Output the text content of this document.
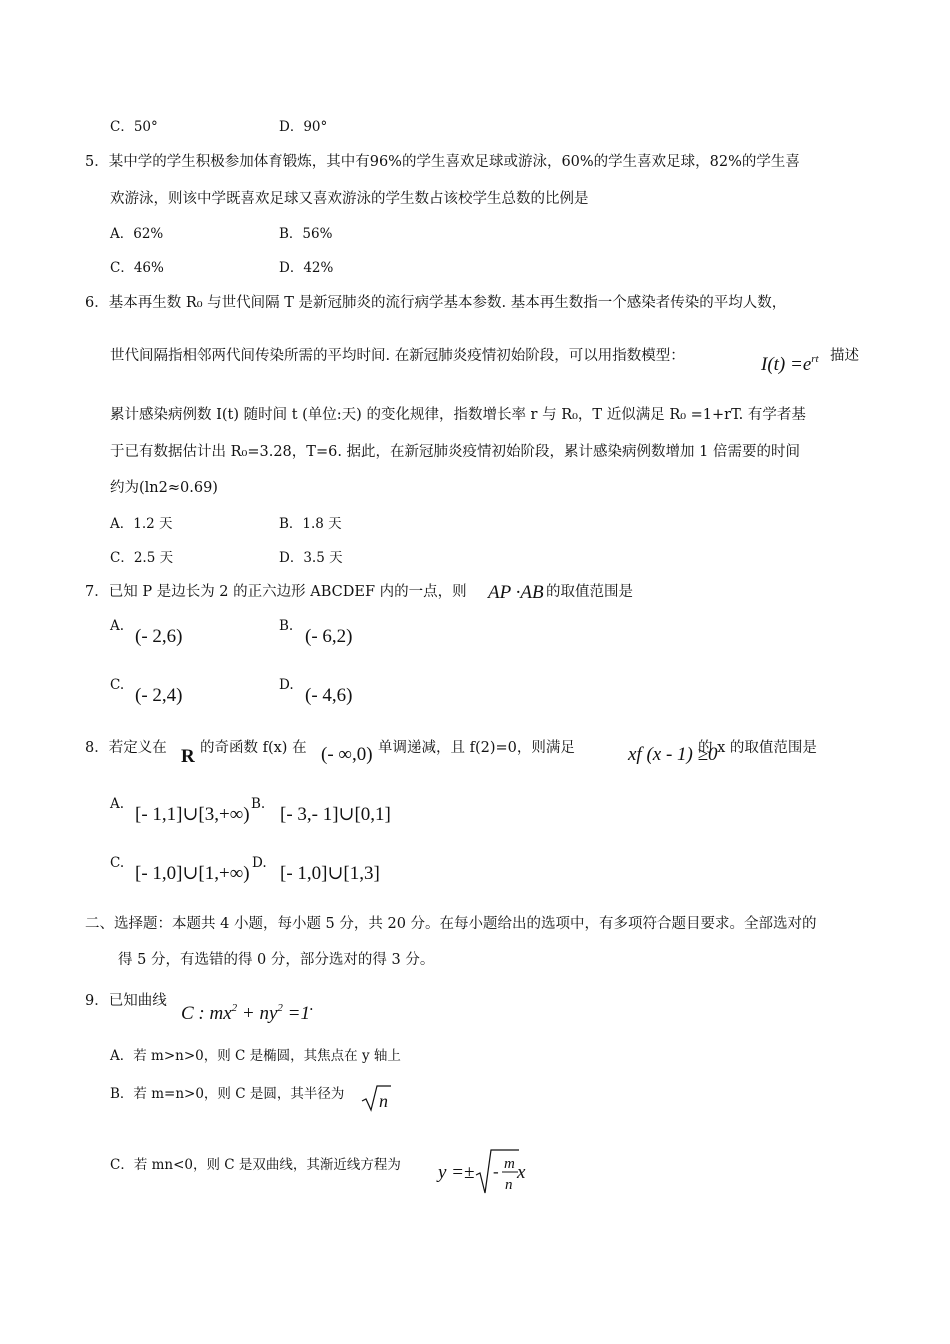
C．50°	D．90°
5．某中学的学生积极参加体育锻炼，其中有96%的学生喜欢足球或游泳，60%的学生喜欢足球，82%的学生喜
欢游泳，则该中学既喜欢足球又喜欢游泳的学生数占该校学生总数的比例是
A．62%	B．56%
C．46%	D．42%
6．基本再生数 R₀ 与世代间隔 T 是新冠肺炎的流行病学基本参数. 基本再生数指一个感染者传染的平均人数，
世代间隔指相邻两代间传染所需的平均时间. 在新冠肺炎疫情初始阶段，可以用指数模型：	$I(t) =e^{rt}$ 描述
累计感染病例数 I(t) 随时间 t (单位:天) 的变化规律，指数增长率 r 与 R₀，T 近似满足 R₀ =1+rT. 有学者基
于已有数据估计出 R₀=3.28，T=6. 据此，在新冠肺炎疫情初始阶段，累计感染病例数增加 1 倍需要的时间
约为(ln2≈0.69)
A．1.2 天	B．1.8 天
C．2.5 天	D．3.5 天
7．已知 P 是边长为 2 的正六边形 ABCDEF 内的一点，则 AP ·AB 的取值范围是
A. (- 2,6)	B. (- 6,2)
C. (- 2,4)	D. (- 4,6)
8．若定义在 R 的奇函数 f(x) 在 (- ∞,0) 单调递减，且 f(2)=0，则满足	xf (x - 1) ≥0
的 x 的取值范围是
A. [- 1,1]∪[3,+∞) B. [- 3,- 1]∪[0,1]
C. [- 1,0]∪[1,+∞) D. [- 1,0]∪[1,3]
二、选择题：本题共 4 小题，每小题 5 分，共 20 分。在每小题给出的选项中，有多项符合题目要求。全部选对的
得 5 分，有选错的得 0 分，部分选对的得 3 分。
9．已知曲线
C : $mx^2 + ny^2 =1$ .
A．若 m>n>0，则 C 是椭圆，其焦点在 y 轴上
B．若 m=n>0，则 C 是圆，其半径为 n
C．若 mn<0，则 C 是双曲线，其渐近线方程为 y =± - m
n
x
